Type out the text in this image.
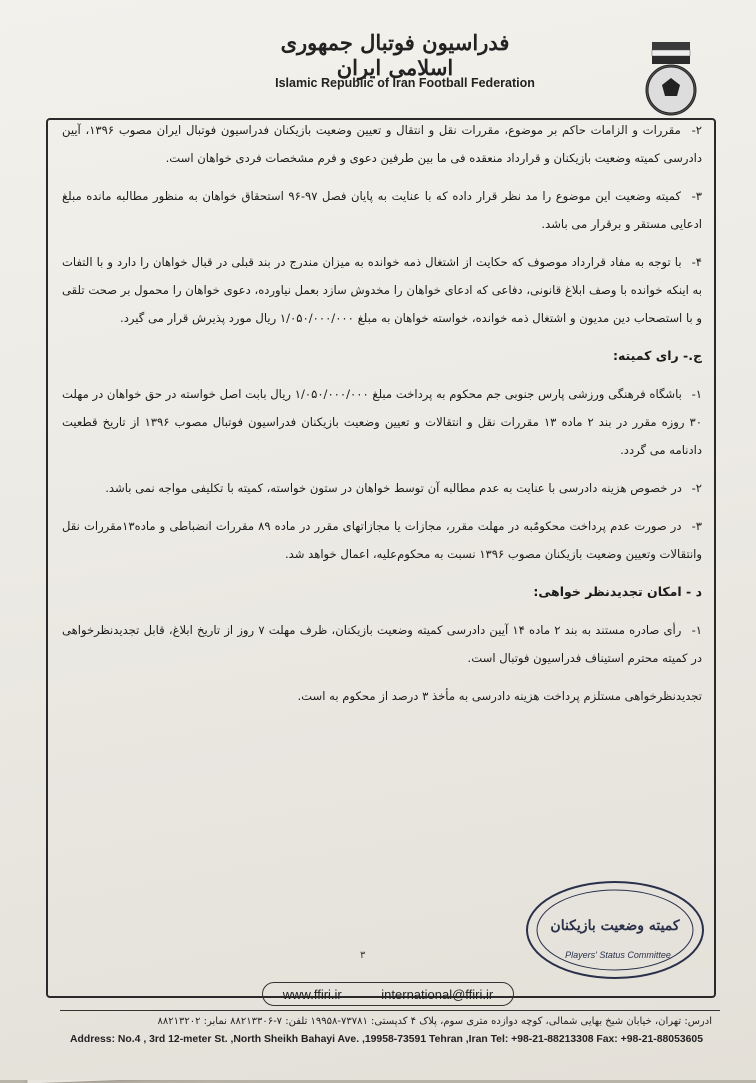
فدراسیون فوتبال جمهوری اسلامی ایران
Islamic Republic of Iran Football Federation

۲- مقررات و الزامات حاکم بر موضوع، مقررات نقل و انتقال و تعیین وضعیت بازیکنان فدراسیون فوتبال ایران مصوب ۱۳۹۶، آیین دادرسی کمیته وضعیت بازیکنان و قرارداد منعقده فی ما بین طرفین دعوی و فرم مشخصات فردی خواهان است.

۳- کمیته وضعیت این موضوع را مد نظر قرار داده که با عنایت به پایان فصل ۹۷-۹۶ استحقاق خواهان به منظور مطالبه مانده مبلغ ادعایی مستقر و برقرار می باشد.

۴- با توجه به مفاد قرارداد موصوف که حکایت از اشتغال ذمه خوانده به میزان مندرج در بند قبلی در قبال خواهان را دارد و با التفات به اینکه خوانده با وصف ابلاغ قانونی، دفاعی که ادعای خواهان را مخدوش سازد بعمل نیاورده، دعوی خواهان را محمول بر صحت تلقی و با استصحاب دین مدیون و اشتغال ذمه خوانده، خواسته خواهان به مبلغ ۱/۰۵۰/۰۰۰/۰۰۰ ریال مورد پذیرش قرار می گیرد.

ج.- رای کمیته:

۱- باشگاه فرهنگی ورزشی پارس جنوبی جم محکوم به پرداخت مبلغ ۱/۰۵۰/۰۰۰/۰۰۰ ریال بابت اصل خواسته در حق خواهان در مهلت ۳۰ روزه مقرر در بند ۲ ماده ۱۳ مقررات نقل و انتقالات و تعیین وضعیت بازیکنان فدراسیون فوتبال مصوب ۱۳۹۶ از تاریخ قطعیت دادنامه می گردد.

۲- در خصوص هزینه دادرسی با عنایت به عدم مطالبه آن توسط خواهان در ستون خواسته، کمیته با تکلیفی مواجه نمی باشد.

۳- در صورت عدم پرداخت محکومٌبه در مهلت مقرر، مجازات یا مجازاتهای مقرر در ماده ۸۹ مقررات انضباطی و ماده۱۳مقررات نقل وانتقالات وتعیین وضعیت بازیکنان مصوب ۱۳۹۶ نسبت به محکوم‌علیه، اعمال خواهد شد.

د - امکان تجدیدنظر خواهی:

۱- رأی صادره مستند به بند ۲ ماده ۱۴ آیین دادرسی کمیته وضعیت بازیکنان، ظرف مهلت ۷ روز از تاریخ ابلاغ، قابل تجدیدنظرخواهی در کمیته محترم استیناف فدراسیون فوتبال است.

تجدیدنظرخواهی مستلزم پرداخت هزینه دادرسی به مأخذ ۳ درصد از محکوم به است.

۳
کمیته وضعیت بازیکنان
Players' Status Committee
www.ffiri.ir	international@ffiri.ir
آدرس: تهران، خیابان شیخ بهایی شمالی، کوچه دوازده متری سوم، پلاک ۴ کدپستی: ۷۳۷۸۱-۱۹۹۵۸ تلفن: ۷-۸۸۲۱۳۳۰۶ نمابر: ۸۸۲۱۳۲۰۲
Address: No.4 , 3rd 12-meter St. ,North Sheikh Bahayi Ave. ,19958-73591 Tehran ,Iran Tel: +98-21-88213308 Fax: +98-21-88053605
